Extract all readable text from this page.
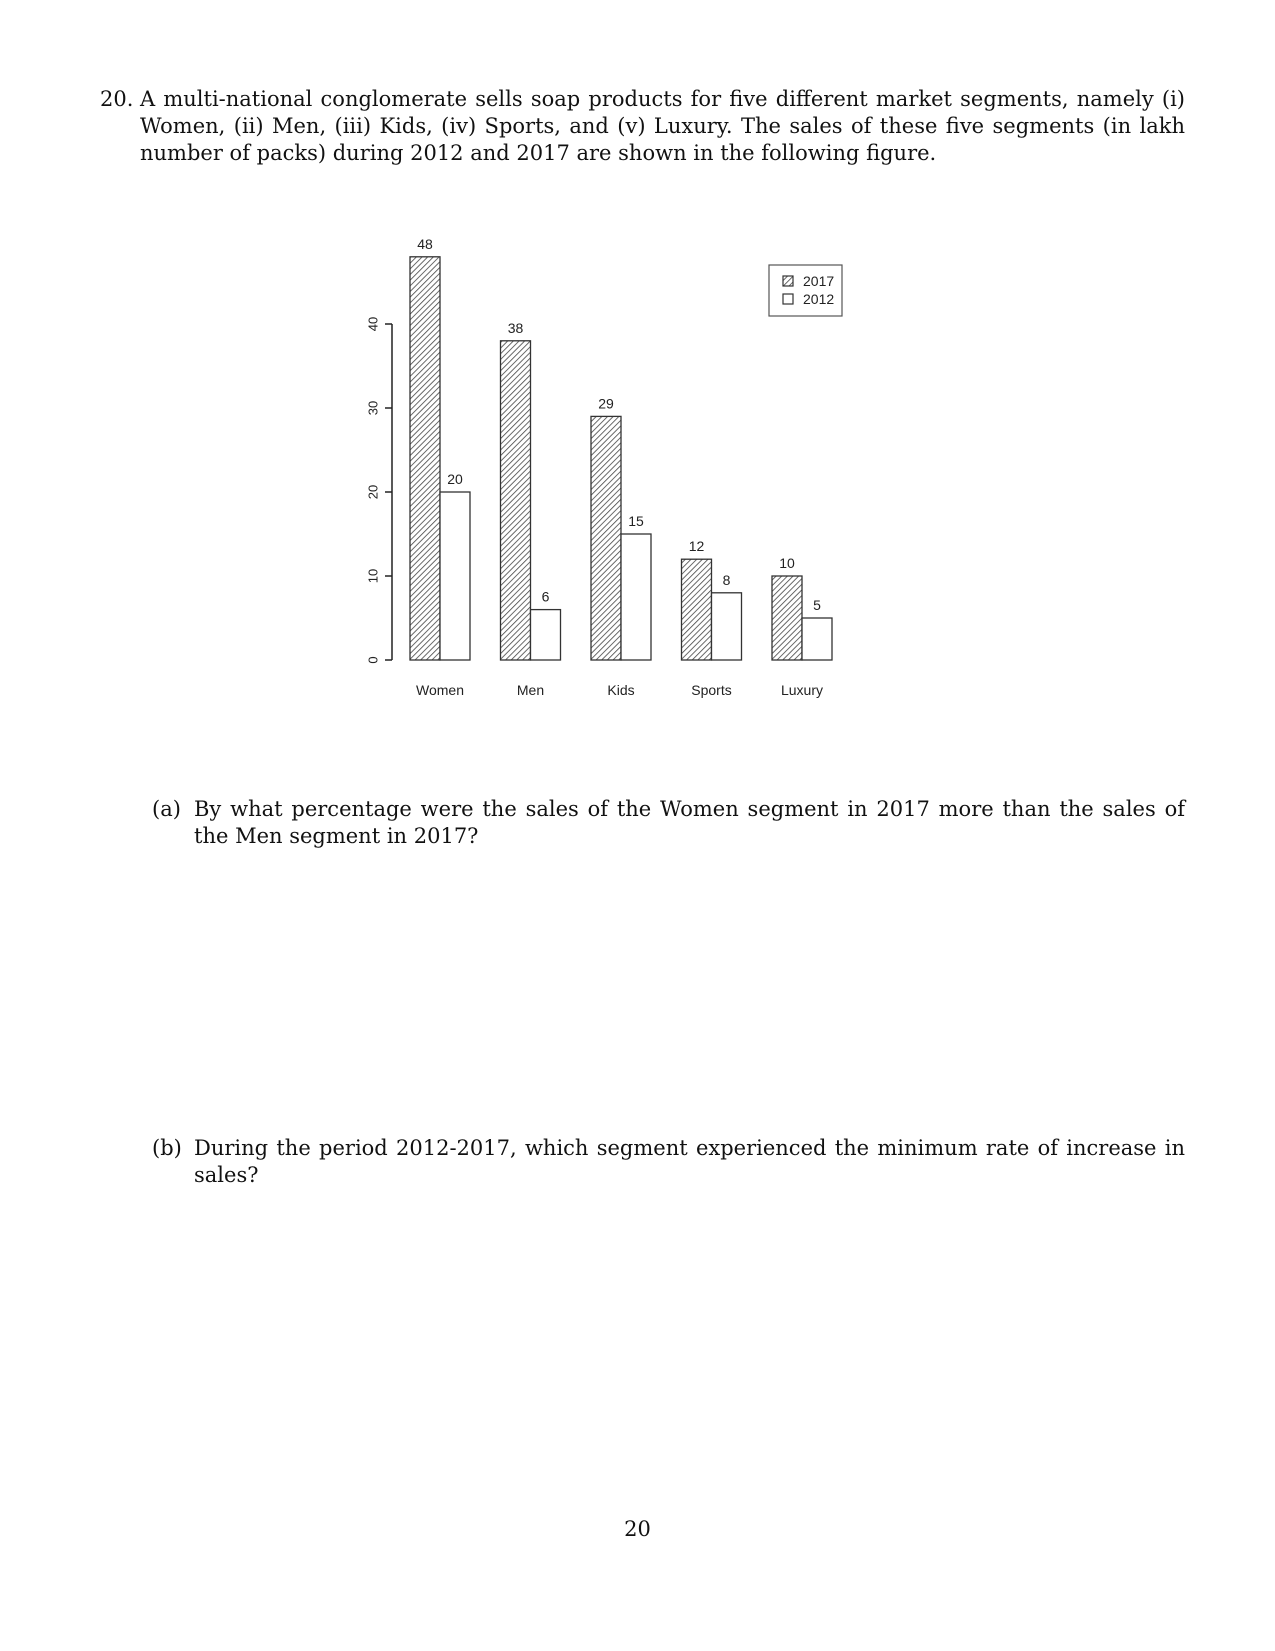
20. A multi-national conglomerate sells soap products for five different market segments, namely (i) Women, (ii) Men, (iii) Kids, (iv) Sports, and (v) Luxury. The sales of these five segments (in lakh number of packs) during 2012 and 2017 are shown in the following figure.
0
10
20
30
40
48
20
Women
38
6
Men
29
15
Kids
12
8
Sports
10
5
Luxury
2017
2012
(a) By what percentage were the sales of the Women segment in 2017 more than the sales of the Men segment in 2017?
(b) During the period 2012-2017, which segment experienced the minimum rate of increase in sales?
20
